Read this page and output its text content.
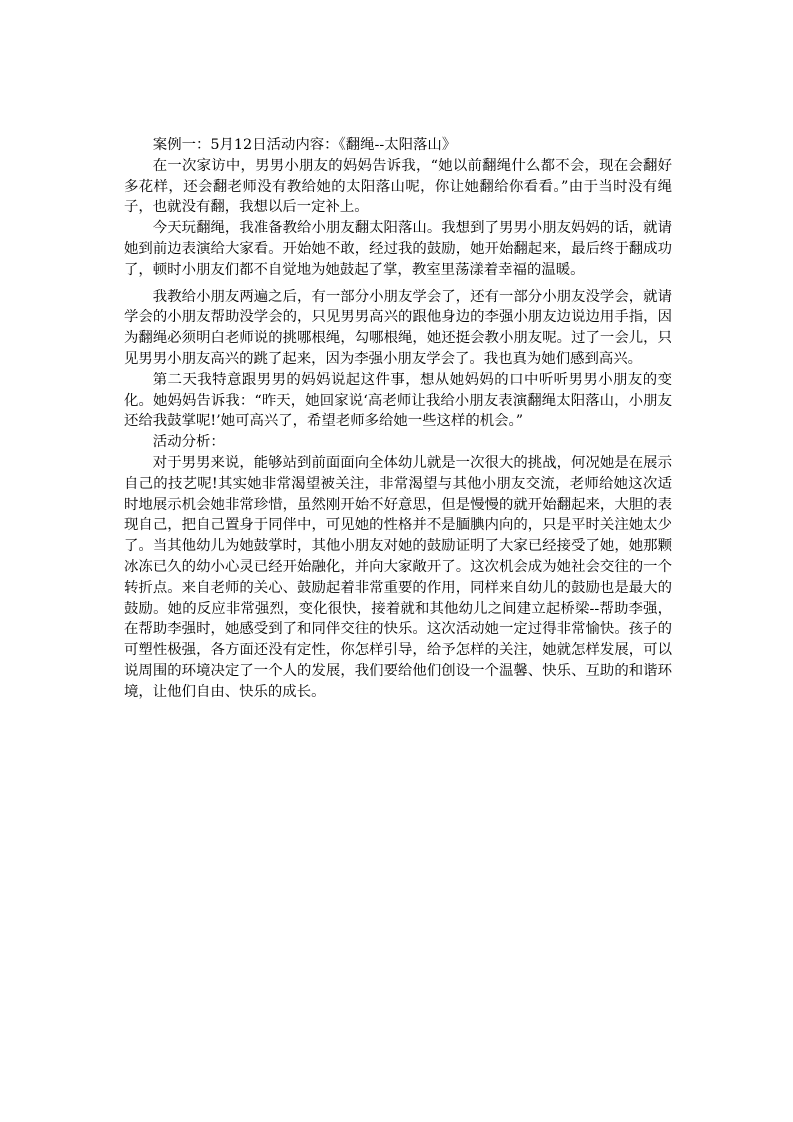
案例一：5月12日活动内容：《翻绳--太阳落山》

在一次家访中，男男小朋友的妈妈告诉我，“她以前翻绳什么都不会，现在会翻好多花样，还会翻老师没有教给她的太阳落山呢，你让她翻给你看看。”由于当时没有绳子，也就没有翻，我想以后一定补上。

今天玩翻绳，我准备教给小朋友翻太阳落山。我想到了男男小朋友妈妈的话，就请她到前边表演给大家看。开始她不敢，经过我的鼓励，她开始翻起来，最后终于翻成功了，顿时小朋友们都不自觉地为她鼓起了掌，教室里荡漾着幸福的温暖。

我教给小朋友两遍之后，有一部分小朋友学会了，还有一部分小朋友没学会，就请学会的小朋友帮助没学会的，只见男男高兴的跟他身边的李强小朋友边说边用手指，因为翻绳必须明白老师说的挑哪根绳，勾哪根绳，她还挺会教小朋友呢。过了一会儿，只见男男小朋友高兴的跳了起来，因为李强小朋友学会了。我也真为她们感到高兴。

第二天我特意跟男男的妈妈说起这件事，想从她妈妈的口中听听男男小朋友的变化。她妈妈告诉我：“昨天，她回家说‘高老师让我给小朋友表演翻绳太阳落山，小朋友还给我鼓掌呢!’她可高兴了，希望老师多给她一些这样的机会。”

活动分析：

对于男男来说，能够站到前面面向全体幼儿就是一次很大的挑战，何况她是在展示自己的技艺呢!其实她非常渴望被关注，非常渴望与其他小朋友交流，老师给她这次适时地展示机会她非常珍惜，虽然刚开始不好意思，但是慢慢的就开始翻起来，大胆的表现自己，把自己置身于同伴中，可见她的性格并不是腼腆内向的，只是平时关注她太少了。当其他幼儿为她鼓掌时，其他小朋友对她的鼓励证明了大家已经接受了她，她那颗冰冻已久的幼小心灵已经开始融化，并向大家敞开了。这次机会成为她社会交往的一个转折点。来自老师的关心、鼓励起着非常重要的作用，同样来自幼儿的鼓励也是最大的鼓励。她的反应非常强烈，变化很快，接着就和其他幼儿之间建立起桥梁--帮助李强，在帮助李强时，她感受到了和同伴交往的快乐。这次活动她一定过得非常愉快。孩子的可塑性极强，各方面还没有定性，你怎样引导，给予怎样的关注，她就怎样发展，可以说周围的环境决定了一个人的发展，我们要给他们创设一个温馨、快乐、互助的和谐环境，让他们自由、快乐的成长。
